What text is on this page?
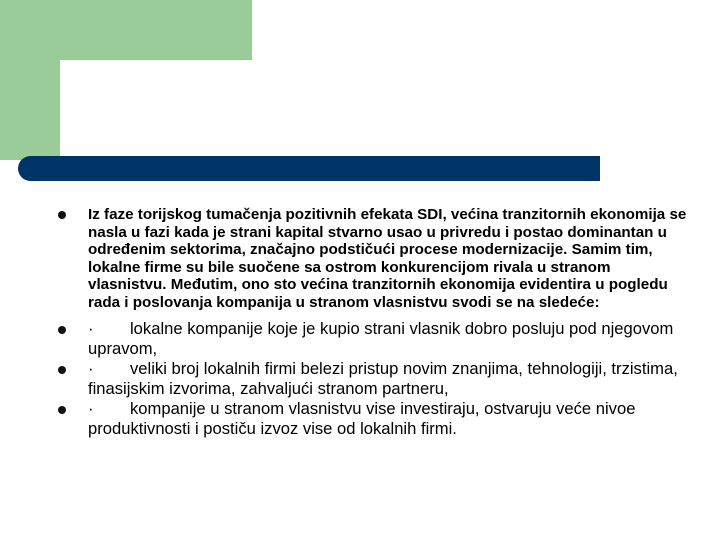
Iz faze torijskog tumačenja pozitivnih efekata SDI, većina tranzitornih ekonomija se nasla u fazi kada je strani kapital stvarno usao u privredu i postao dominantan u određenim sektorima, značajno podstičući procese modernizacije. Samim tim, lokalne firme su bile suočene sa ostrom konkurencijom rivala u stranom vlasnistvu. Međutim, ono sto većina tranzitornih ekonomija evidentira u pogledu rada i poslovanja kompanija u stranom vlasnistvu svodi se na sledeće:
· lokalne kompanije koje je kupio strani vlasnik dobro posluju pod njegovom upravom,
· veliki broj lokalnih firmi belezi pristup novim znanjima, tehnologiji, trzistima, finasijskim izvorima, zahvaljući stranom partneru,
· kompanije u stranom vlasnistvu vise investiraju, ostvaruju veće nivoe produktivnosti i postiču izvoz vise od lokalnih firmi.
